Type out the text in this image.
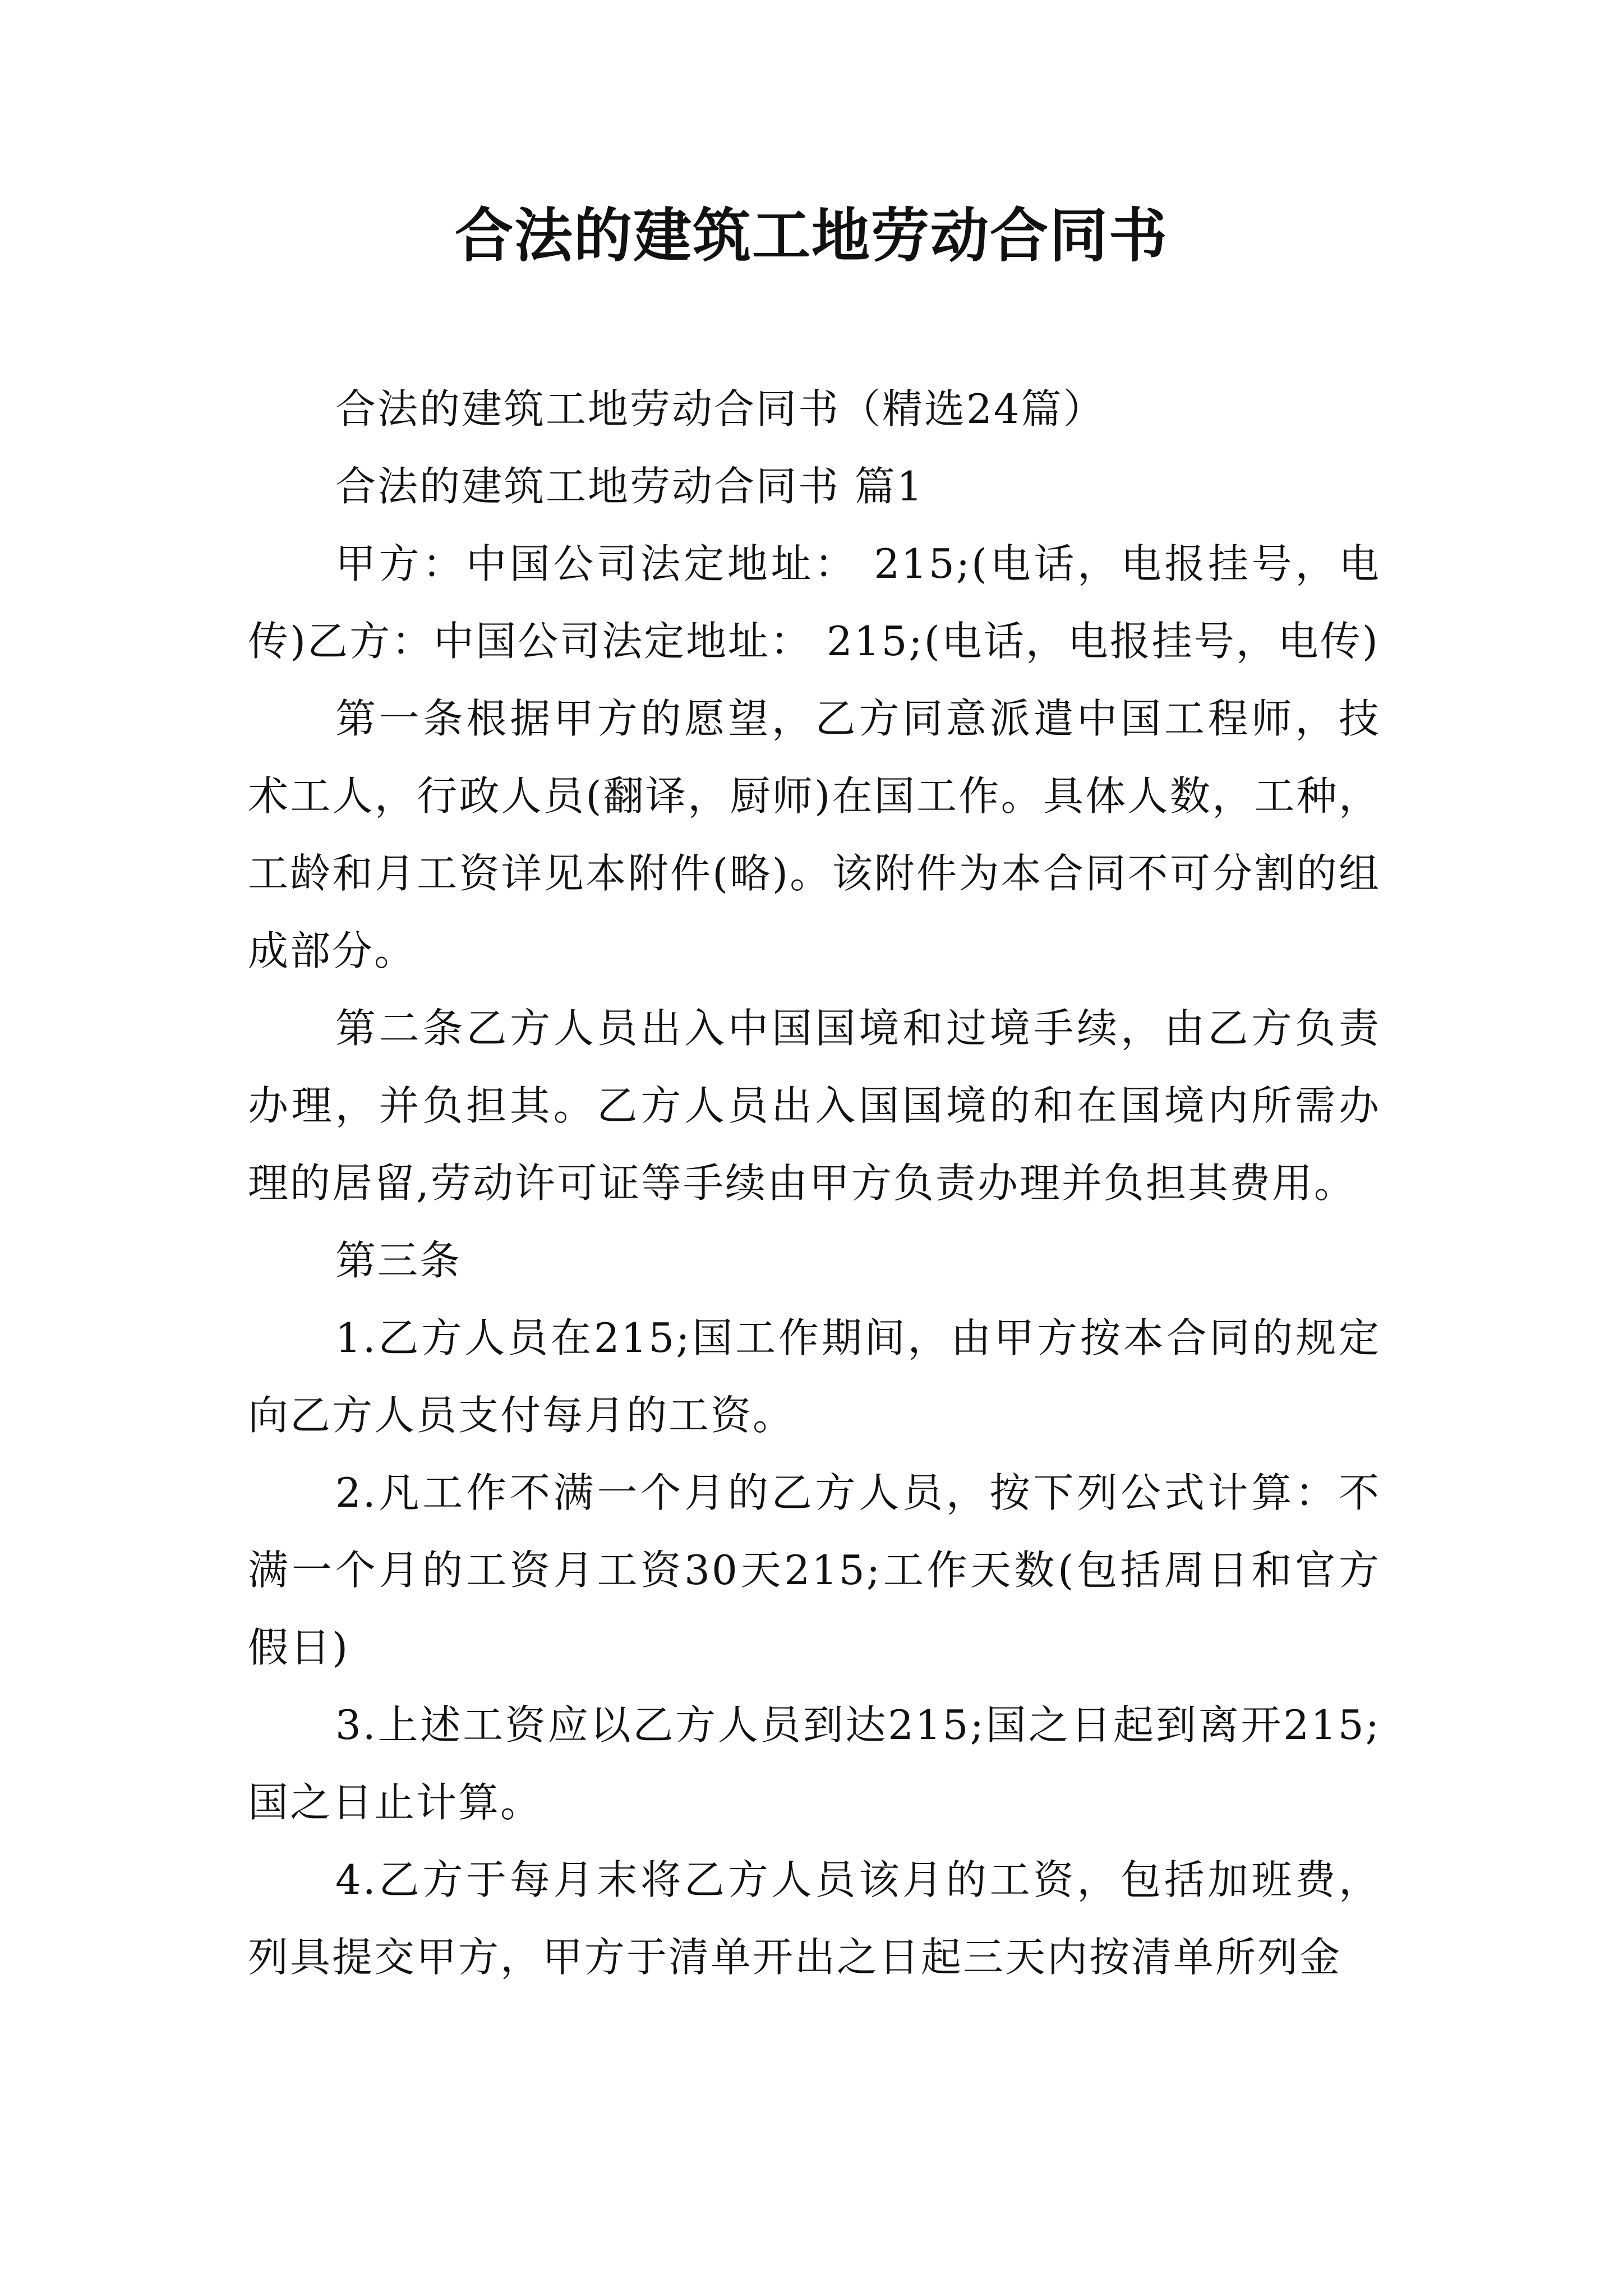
合法的建筑工地劳动合同书

合法的建筑工地劳动合同书（精选24篇）

合法的建筑工地劳动合同书 篇1

甲方：中国公司法定地址： 215;(电话，电报挂号，电传)乙方：中国公司法定地址： 215;(电话，电报挂号，电传)

第一条根据甲方的愿望，乙方同意派遣中国工程师，技术工人，行政人员(翻译，厨师)在国工作。具体人数，工种，工龄和月工资详见本附件(略)。该附件为本合同不可分割的组成部分。

第二条乙方人员出入中国国境和过境手续，由乙方负责办理，并负担其。乙方人员出入国国境的和在国境内所需办理的居留,劳动许可证等手续由甲方负责办理并负担其费用。

第三条

1.乙方人员在215;国工作期间，由甲方按本合同的规定向乙方人员支付每月的工资。

2.凡工作不满一个月的乙方人员，按下列公式计算：不满一个月的工资月工资30天215;工作天数(包括周日和官方假日)

3.上述工资应以乙方人员到达215;国之日起到离开215;国之日止计算。

4.乙方于每月末将乙方人员该月的工资，包括加班费，列具提交甲方，甲方于清单开出之日起三天内按清单所列金
